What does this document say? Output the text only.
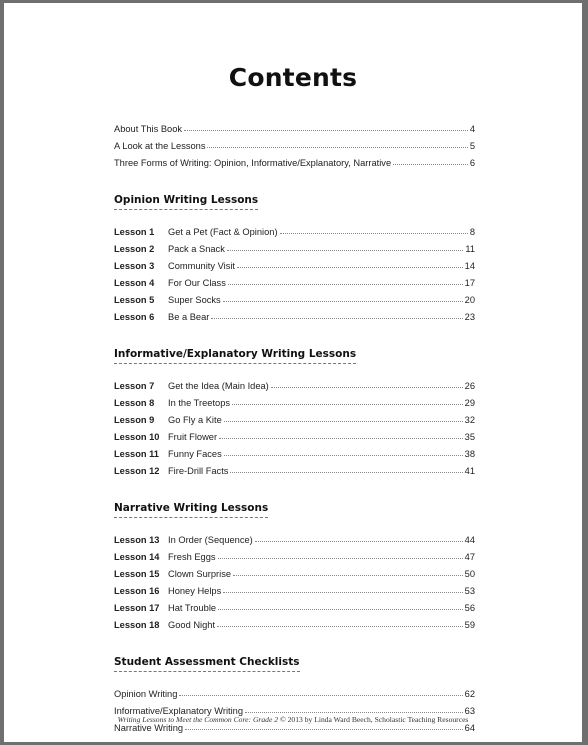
Contents
About This Book	4
A Look at the Lessons	5
Three Forms of Writing: Opinion, Informative/Explanatory, Narrative	6
Opinion Writing Lessons
Lesson 1	Get a Pet (Fact & Opinion)	8
Lesson 2	Pack a Snack	11
Lesson 3	Community Visit	14
Lesson 4	For Our Class	17
Lesson 5	Super Socks	20
Lesson 6	Be a Bear	23
Informative/Explanatory Writing Lessons
Lesson 7	Get the Idea (Main Idea)	26
Lesson 8	In the Treetops	29
Lesson 9	Go Fly a Kite	32
Lesson 10 Fruit Flower	35
Lesson 11 Funny Faces	38
Lesson 12 Fire-Drill Facts	41
Narrative Writing Lessons
Lesson 13 In Order (Sequence)	44
Lesson 14 Fresh Eggs	47
Lesson 15 Clown Surprise	50
Lesson 16 Honey Helps	53
Lesson 17 Hat Trouble	56
Lesson 18 Good Night	59
Student Assessment Checklists
Opinion Writing	62
Informative/Explanatory Writing	63
Narrative Writing	64
Writing Lessons to Meet the Common Core: Grade 2 © 2013 by Linda Ward Beech, Scholastic Teaching Resources
